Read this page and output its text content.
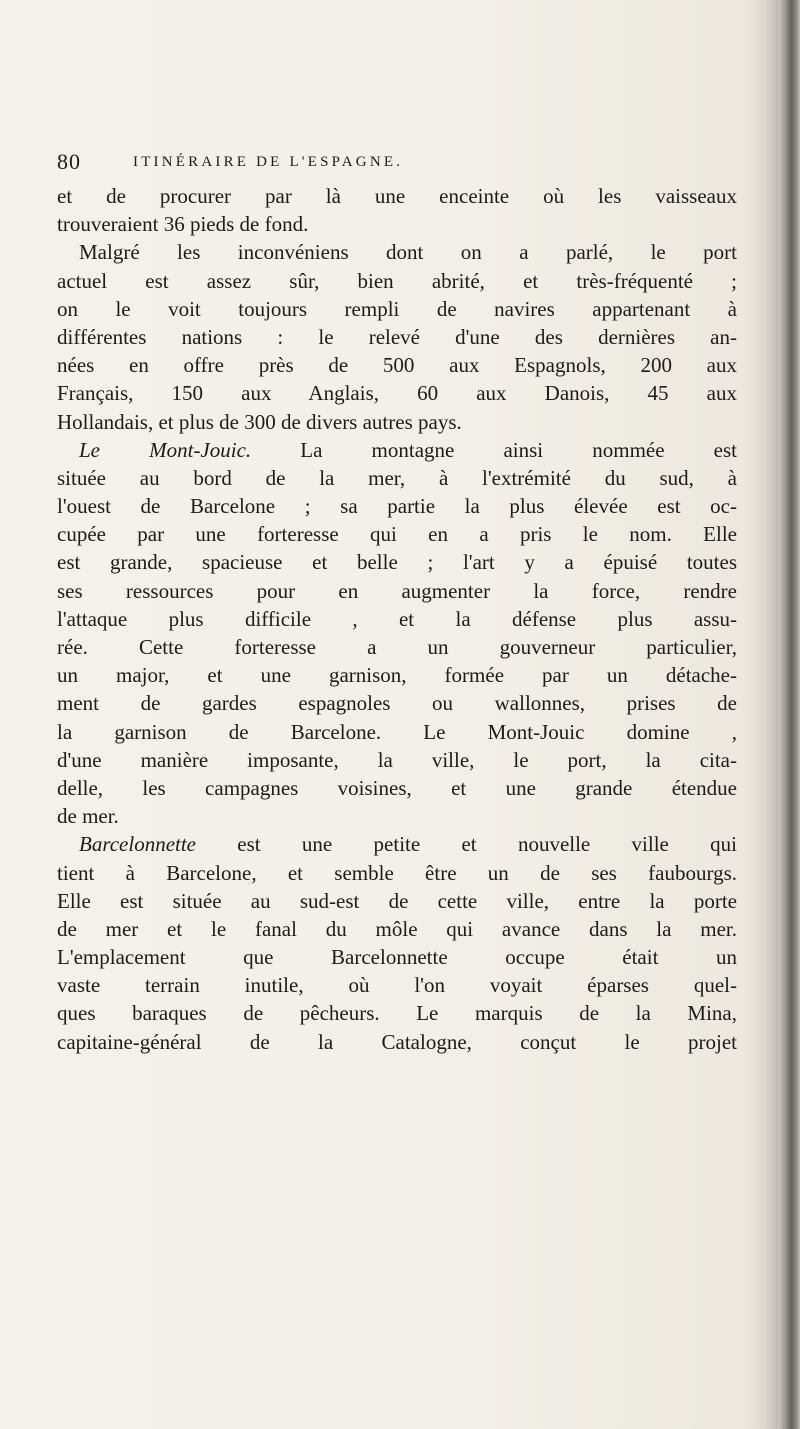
80	ITINÉRAIRE DE L'ESPAGNE.
et de procurer par là une enceinte où les vaisseaux
trouveraient 36 pieds de fond.
Malgré les inconvéniens dont on a parlé, le port
actuel est assez sûr, bien abrité, et très-fréquenté ;
on le voit toujours rempli de navires appartenant à
différentes nations : le relevé d'une des dernières an-
nées en offre près de 500 aux Espagnols, 200 aux
Français, 150 aux Anglais, 60 aux Danois, 45 aux
Hollandais, et plus de 300 de divers autres pays.
Le Mont-Jouic. La montagne ainsi nommée est
située au bord de la mer, à l'extrémité du sud, à
l'ouest de Barcelone ; sa partie la plus élevée est oc-
cupée par une forteresse qui en a pris le nom. Elle
est grande, spacieuse et belle ; l'art y a épuisé toutes
ses ressources pour en augmenter la force, rendre
l'attaque plus difficile , et la défense plus assu-
rée. Cette forteresse a un gouverneur particulier,
un major, et une garnison, formée par un détache-
ment de gardes espagnoles ou wallonnes, prises de
la garnison de Barcelone. Le Mont-Jouic domine ,
d'une manière imposante, la ville, le port, la cita-
delle, les campagnes voisines, et une grande étendue
de mer.
Barcelonnette est une petite et nouvelle ville qui
tient à Barcelone, et semble être un de ses faubourgs.
Elle est située au sud-est de cette ville, entre la porte
de mer et le fanal du môle qui avance dans la mer.
L'emplacement que Barcelonnette occupe était un
vaste terrain inutile, où l'on voyait éparses quel-
ques baraques de pêcheurs. Le marquis de la Mina,
capitaine-général de la Catalogne, conçut le projet
